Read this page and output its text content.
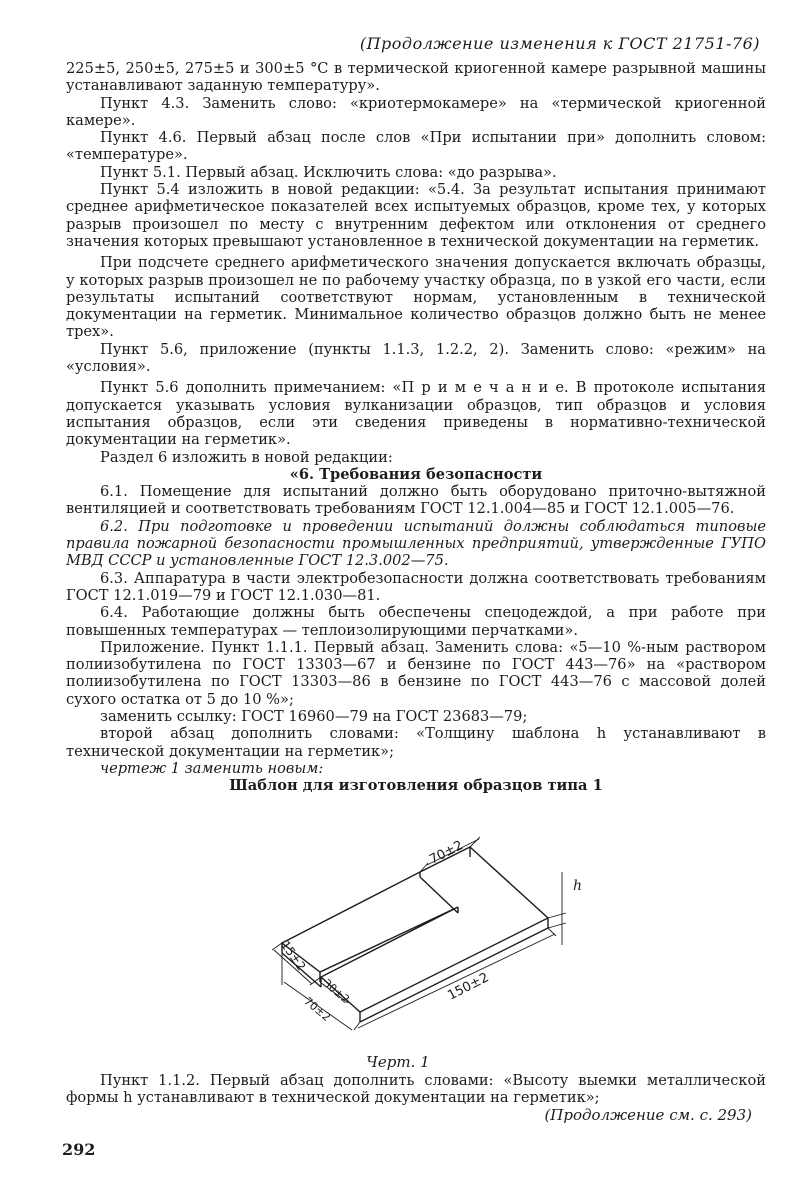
(Продолжение изменения к ГОСТ 21751-76)

225±5, 250±5, 275±5 и 300±5 °С в термической криогенной камере разрывной машины устанавливают заданную температуру».

Пункт 4.3. Заменить слово: «криотермокамере» на «термической криогенной камере».

Пункт 4.6. Первый абзац после слов «При испытании при» дополнить словом: «температуре».

Пункт 5.1. Первый абзац. Исключить слова: «до разрыва».

Пункт 5.4 изложить в новой редакции: «5.4. За результат испытания принимают среднее арифметическое показателей всех испытуемых образцов, кроме тех, у которых разрыв произошел по месту с внутренним дефектом или отклонения от среднего значения которых превышают установленное в технической документации на герметик.

При подсчете среднего арифметического значения допускается включать образцы, у которых разрыв произошел не по рабочему участку образца, по в узкой его части, если результаты испытаний соответствуют нормам, установленным в технической документации на герметик. Минимальное количество образцов должно быть не менее трех».

Пункт 5.6, приложение (пункты 1.1.3, 1.2.2, 2). Заменить слово: «режим» на «условия».

Пункт 5.6 дополнить примечанием: «П р и м е ч а н и е. В протоколе испытания допускается указывать условия вулканизации образцов, тип образцов и условия испытания образцов, если эти сведения приведены в нормативно-технической документации на герметик».

Раздел 6 изложить в новой редакции:

«6. Требования безопасности

6.1. Помещение для испытаний должно быть оборудовано приточно-вытяжной вентиляцией и соответствовать требованиям ГОСТ 12.1.004—85 и ГОСТ 12.1.005—76.

6.2. При подготовке и проведении испытаний должны соблюдаться типовые правила пожарной безопасности промышленных предприятий, утвержденные ГУПО МВД СССР и установленные ГОСТ 12.3.002—75.

6.3. Аппаратура в части электробезопасности должна соответствовать требованиям ГОСТ 12.1.019—79 и ГОСТ 12.1.030—81.

6.4. Работающие должны быть обеспечены спецодеждой, а при работе при повышенных температурах — теплоизолирующими перчатками».

Приложение. Пункт 1.1.1. Первый абзац. Заменить слова: «5—10 %-ным раствором полиизобутилена по ГОСТ 13303—67 и бензине по ГОСТ 443—76» на «раствором полиизобутилена по ГОСТ 13303—86 в бензине по ГОСТ 443—76 с массовой долей сухого остатка от 5 до 10 %»;

заменить ссылку: ГОСТ 16960—79 на ГОСТ 23683—79;

второй абзац дополнить словами: «Толщину шаблона h устанавливают в технической документации на герметик»;

чертеж 1 заменить новым:

Шаблон для изготовления образцов типа 1

70±2
h
15±2
30±2
70±2
150±2
Черт. 1

Пункт 1.1.2. Первый абзац дополнить словами: «Высоту выемки металлической формы h устанавливают в технической документации на герметик»;

(Продолжение см. с. 293)
292
